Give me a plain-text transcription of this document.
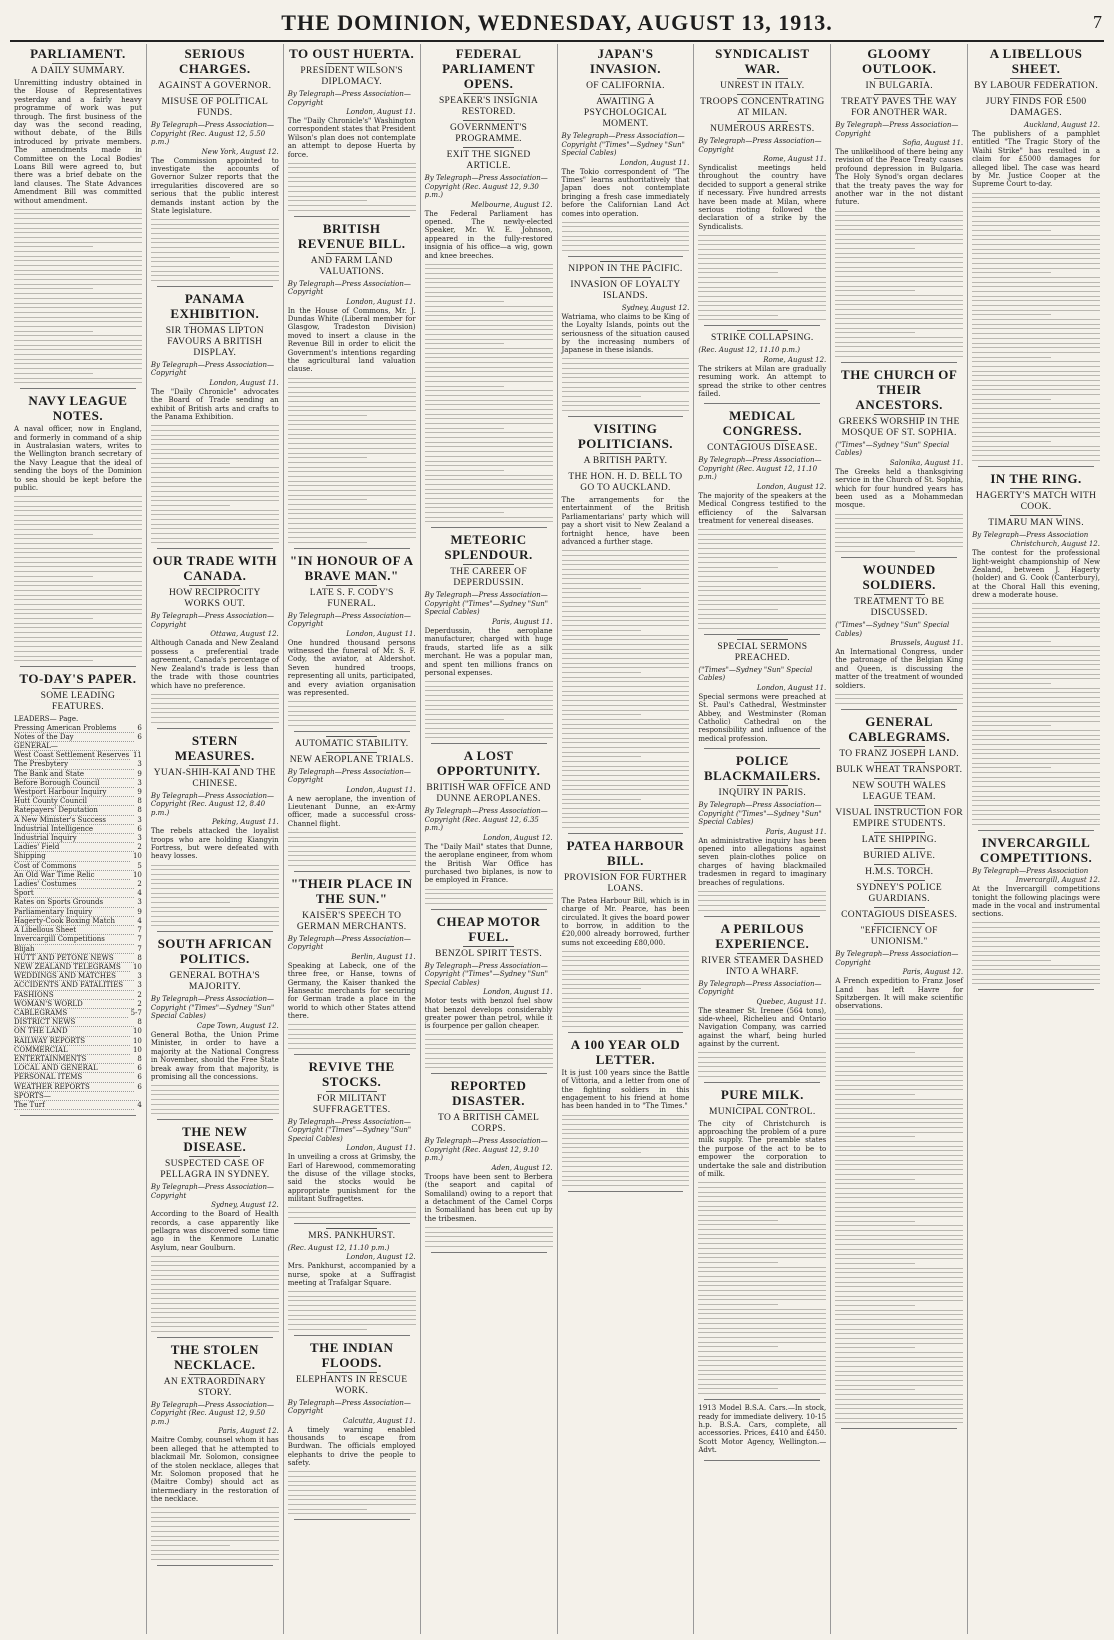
THE DOMINION, WEDNESDAY, AUGUST 13, 1913.	7
PARLIAMENT.
A DAILY SUMMARY.
Unremitting industry obtained in the House of Representatives yesterday and a fairly heavy programme of work was put through. The first business of the day was the second reading, without debate, of the Bills introduced by private members. The amendments made in Committee on the Local Bodies' Loans Bill were agreed to, but there was a brief debate on the land clauses. The State Advances Amendment Bill was committed without amendment.
NAVY LEAGUE NOTES.
A naval officer, now in England, and formerly in command of a ship in Australasian waters, writes to the Wellington branch secretary of the Navy League that the ideal of sending the boys of the Dominion to sea should be kept before the public.
TO-DAY'S PAPER.
SOME LEADING FEATURES.
LEADERS— Page.
Pressing American Problems	6
Notes of the Day	6
GENERAL—
West Coast Settlement Reserves 11
The Presbytery	3
The Bank and State	9
Before Borough Council	3
Westport Harbour Inquiry	9
Hutt County Council	8
Ratepayers' Deputation	8
A New Minister's Success	3
Industrial Intelligence	6
Industrial Inquiry	3
Ladies' Field	2
Shipping	10
Cost of Commons	5
An Old War Time Relic	10
Ladies' Costumes	2
Sport	4
Rates on Sports Grounds	3
Parliamentary Inquiry	9
Hagerty-Cook Boxing Match	4
A Libellous Sheet	7
Invercargill Competitions	7
Blijah	7
HUTT AND PETONE NEWS	8
NEW ZEALAND TELEGRAMS	10
WEDDINGS AND MATCHES	3
ACCIDENTS AND FATALITIES	3
FASHIONS	2
WOMAN'S WORLD	2
CABLEGRAMS	5-7
DISTRICT NEWS	8
ON THE LAND	10
RAILWAY REPORTS	10
COMMERCIAL	10
ENTERTAINMENTS	8
LOCAL AND GENERAL	6
PERSONAL ITEMS	6
WEATHER REPORTS	6
SPORTS—
The Turf	4
SERIOUS CHARGES.
AGAINST A GOVERNOR.
MISUSE OF POLITICAL FUNDS.
By Telegraph—Press Association—Copyright (Rec. August 12, 5.50 p.m.)
New York, August 12.
The Commission appointed to investigate the accounts of Governor Sulzer reports that the irregularities discovered are so serious that the public interest demands instant action by the State legislature.
PANAMA EXHIBITION.
SIR THOMAS LIPTON FAVOURS A BRITISH DISPLAY.
By Telegraph—Press Association—Copyright
London, August 11.
The "Daily Chronicle" advocates the Board of Trade sending an exhibit of British arts and crafts to the Panama Exhibition.
OUR TRADE WITH CANADA.
HOW RECIPROCITY WORKS OUT.
By Telegraph—Press Association—Copyright
Ottawa, August 12.
Although Canada and New Zealand possess a preferential trade agreement, Canada's percentage of New Zealand's trade is less than the trade with those countries which have no preference.
STERN MEASURES.
YUAN-SHIH-KAI AND THE CHINESE.
By Telegraph—Press Association—Copyright (Rec. August 12, 8.40 p.m.)
Peking, August 11.
The rebels attacked the loyalist troops who are holding Kiangyin Fortress, but were defeated with heavy losses.
SOUTH AFRICAN POLITICS.
GENERAL BOTHA'S MAJORITY.
By Telegraph—Press Association—Copyright ("Times"—Sydney "Sun" Special Cables)
Cape Town, August 12.
General Botha, the Union Prime Minister, in order to have a majority at the National Congress in November, should the Free State break away from that majority, is promising all the concessions.
THE NEW DISEASE.
SUSPECTED CASE OF PELLAGRA IN SYDNEY.
By Telegraph—Press Association—Copyright
Sydney, August 12.
According to the Board of Health records, a case apparently like pellagra was discovered some time ago in the Kenmore Lunatic Asylum, near Goulburn.
THE STOLEN NECKLACE.
AN EXTRAORDINARY STORY.
By Telegraph—Press Association—Copyright (Rec. August 12, 9.50 p.m.)
Paris, August 12.
Maitre Comby, counsel whom it has been alleged that he attempted to blackmail Mr. Solomon, consignee of the stolen necklace, alleges that Mr. Solomon proposed that he (Maitre Comby) should act as intermediary in the restoration of the necklace.
TO OUST HUERTA.
PRESIDENT WILSON'S DIPLOMACY.
By Telegraph—Press Association—Copyright
London, August 11.
The "Daily Chronicle's" Washington correspondent states that President Wilson's plan does not contemplate an attempt to depose Huerta by force.
BRITISH REVENUE BILL.
AND FARM LAND VALUATIONS.
By Telegraph—Press Association—Copyright
London, August 11.
In the House of Commons, Mr. J. Dundas White (Liberal member for Glasgow, Tradeston Division) moved to insert a clause in the Revenue Bill in order to elicit the Government's intentions regarding the agricultural land valuation clause.
"IN HONOUR OF A BRAVE MAN."
LATE S. F. CODY'S FUNERAL.
By Telegraph—Press Association—Copyright
London, August 11.
One hundred thousand persons witnessed the funeral of Mr. S. F. Cody, the aviator, at Aldershot. Seven hundred troops, representing all units, participated, and every aviation organisation was represented.
AUTOMATIC STABILITY.
NEW AEROPLANE TRIALS.
By Telegraph—Press Association—Copyright
London, August 11.
A new aeroplane, the invention of Lieutenant Dunne, an ex-Army officer, made a successful cross-Channel flight.
"THEIR PLACE IN THE SUN."
KAISER'S SPEECH TO GERMAN MERCHANTS.
By Telegraph—Press Association—Copyright
Berlin, August 11.
Speaking at Labeck, one of the three free, or Hanse, towns of Germany, the Kaiser thanked the Hanseatic merchants for securing for German trade a place in the world to which other States attend there.
REVIVE THE STOCKS.
FOR MILITANT SUFFRAGETTES.
By Telegraph—Press Association—Copyright ("Times"—Sydney "Sun" Special Cables)
London, August 11.
In unveiling a cross at Grimsby, the Earl of Harewood, commemorating the disuse of the village stocks, said the stocks would be appropriate punishment for the militant Suffragettes.
MRS. PANKHURST.
(Rec. August 12, 11.10 p.m.)
London, August 12.
Mrs. Pankhurst, accompanied by a nurse, spoke at a Suffragist meeting at Trafalgar Square.
THE INDIAN FLOODS.
ELEPHANTS IN RESCUE WORK.
By Telegraph—Press Association—Copyright
Calcutta, August 11.
A timely warning enabled thousands to escape from Burdwan. The officials employed elephants to drive the people to safety.
FEDERAL PARLIAMENT OPENS.
SPEAKER'S INSIGNIA RESTORED.
GOVERNMENT'S PROGRAMME.
EXIT THE SIGNED ARTICLE.
By Telegraph—Press Association—Copyright (Rec. August 12, 9.30 p.m.)
Melbourne, August 12.
The Federal Parliament has opened. The newly-elected Speaker, Mr. W. E. Johnson, appeared in the fully-restored insignia of his office—a wig, gown and knee breeches.
METEORIC SPLENDOUR.
THE CAREER OF DEPERDUSSIN.
By Telegraph—Press Association—Copyright ("Times"—Sydney "Sun" Special Cables)
Paris, August 11.
Deperdussin, the aeroplane manufacturer, charged with huge frauds, started life as a silk merchant. He was a popular man, and spent ten millions francs on personal expenses.
A LOST OPPORTUNITY.
BRITISH WAR OFFICE AND DUNNE AEROPLANES.
By Telegraph—Press Association—Copyright (Rec. August 12, 6.35 p.m.)
London, August 12.
The "Daily Mail" states that Dunne, the aeroplane engineer, from whom the British War Office has purchased two biplanes, is now to be employed in France.
CHEAP MOTOR FUEL.
BENZOL SPIRIT TESTS.
By Telegraph—Press Association—Copyright ("Times"—Sydney "Sun" Special Cables)
London, August 11.
Motor tests with benzol fuel show that benzol develops considerably greater power than petrol, while it is fourpence per gallon cheaper.
REPORTED DISASTER.
TO A BRITISH CAMEL CORPS.
By Telegraph—Press Association—Copyright (Rec. August 12, 9.10 p.m.)
Aden, August 12.
Troops have been sent to Berbera (the seaport and capital of Somaliland) owing to a report that a detachment of the Camel Corps in Somaliland has been cut up by the tribesmen.
JAPAN'S INVASION.
OF CALIFORNIA.
AWAITING A PSYCHOLOGICAL MOMENT.
By Telegraph—Press Association—Copyright ("Times"—Sydney "Sun" Special Cables)
London, August 11.
The Tokio correspondent of "The Times" learns authoritatively that Japan does not contemplate bringing a fresh case immediately before the Californian Land Act comes into operation.
NIPPON IN THE PACIFIC.
INVASION OF LOYALTY ISLANDS.
Sydney, August 12.
Watriama, who claims to be King of the Loyalty Islands, points out the seriousness of the situation caused by the increasing numbers of Japanese in these islands.
VISITING POLITICIANS.
A BRITISH PARTY.
THE HON. H. D. BELL TO GO TO AUCKLAND.
The arrangements for the entertainment of the British Parliamentarians' party which will pay a short visit to New Zealand a fortnight hence, have been advanced a further stage.
PATEA HARBOUR BILL.
PROVISION FOR FURTHER LOANS.
The Patea Harbour Bill, which is in charge of Mr. Pearce, has been circulated. It gives the board power to borrow, in addition to the £20,000 already borrowed, further sums not exceeding £80,000.
A 100 YEAR OLD LETTER.
It is just 100 years since the Battle of Vittoria, and a letter from one of the fighting soldiers in this engagement to his friend at home has been handed in to "The Times."
SYNDICALIST WAR.
UNREST IN ITALY.
TROOPS CONCENTRATING AT MILAN.
NUMEROUS ARRESTS.
By Telegraph—Press Association—Copyright
Rome, August 11.
Syndicalist meetings held throughout the country have decided to support a general strike if necessary. Five hundred arrests have been made at Milan, where serious rioting followed the declaration of a strike by the Syndicalists.
STRIKE COLLAPSING.
(Rec. August 12, 11.10 p.m.)
Rome, August 12.
The strikers at Milan are gradually resuming work. An attempt to spread the strike to other centres failed.
MEDICAL CONGRESS.
CONTAGIOUS DISEASE.
By Telegraph—Press Association—Copyright (Rec. August 12, 11.10 p.m.)
London, August 12.
The majority of the speakers at the Medical Congress testified to the efficiency of the Salvarsan treatment for venereal diseases.
SPECIAL SERMONS PREACHED.
("Times"—Sydney "Sun" Special Cables)
London, August 11.
Special sermons were preached at St. Paul's Cathedral, Westminster Abbey, and Westminster (Roman Catholic) Cathedral on the responsibility and influence of the medical profession.
POLICE BLACKMAILERS.
INQUIRY IN PARIS.
By Telegraph—Press Association—Copyright ("Times"—Sydney "Sun" Special Cables)
Paris, August 11.
An administrative inquiry has been opened into allegations against seven plain-clothes police on charges of having blackmailed tradesmen in regard to imaginary breaches of regulations.
A PERILOUS EXPERIENCE.
RIVER STEAMER DASHED INTO A WHARF.
By Telegraph—Press Association—Copyright
Quebec, August 11.
The steamer St. Irenee (564 tons), side-wheel, Richelieu and Ontario Navigation Company, was carried against the wharf, being hurled against by the current.
PURE MILK.
MUNICIPAL CONTROL.
The city of Christchurch is approaching the problem of a pure milk supply. The preamble states the purpose of the act to be to empower the corporation to undertake the sale and distribution of milk.
1913 Model B.S.A. Cars.—In stock, ready for immediate delivery. 10-15 h.p. B.S.A. Cars, complete, all accessories. Prices, £410 and £450. Scott Motor Agency, Wellington.—Advt.
GLOOMY OUTLOOK.
IN BULGARIA.
TREATY PAVES THE WAY FOR ANOTHER WAR.
By Telegraph—Press Association—Copyright
Sofia, August 11.
The unlikelihood of there being any revision of the Peace Treaty causes profound depression in Bulgaria. The Holy Synod's organ declares that the treaty paves the way for another war in the not distant future.
THE CHURCH OF THEIR ANCESTORS.
GREEKS WORSHIP IN THE MOSQUE OF ST. SOPHIA.
("Times"—Sydney "Sun" Special Cables)
Salonika, August 11.
The Greeks held a thanksgiving service in the Church of St. Sophia, which for four hundred years has been used as a Mohammedan mosque.
WOUNDED SOLDIERS.
TREATMENT TO BE DISCUSSED.
("Times"—Sydney "Sun" Special Cables)
Brussels, August 11.
An International Congress, under the patronage of the Belgian King and Queen, is discussing the matter of the treatment of wounded soldiers.
GENERAL CABLEGRAMS.
TO FRANZ JOSEPH LAND.
BULK WHEAT TRANSPORT.
NEW SOUTH WALES LEAGUE TEAM.
VISUAL INSTRUCTION FOR EMPIRE STUDENTS.
LATE SHIPPING.
BURIED ALIVE.
H.M.S. TORCH.
SYDNEY'S POLICE GUARDIANS.
CONTAGIOUS DISEASES.
"EFFICIENCY OF UNIONISM."
By Telegraph—Press Association—Copyright
Paris, August 12.
A French expedition to Franz Josef Land has left Havre for Spitzbergen. It will make scientific observations.
A LIBELLOUS SHEET.
BY LABOUR FEDERATION.
JURY FINDS FOR £500 DAMAGES.
Auckland, August 12.
The publishers of a pamphlet entitled "The Tragic Story of the Waihi Strike" has resulted in a claim for £5000 damages for alleged libel. The case was heard by Mr. Justice Cooper at the Supreme Court to-day.
IN THE RING.
HAGERTY'S MATCH WITH COOK.
TIMARU MAN WINS.
By Telegraph—Press Association
Christchurch, August 12.
The contest for the professional light-weight championship of New Zealand, between J. Hagerty (holder) and G. Cook (Canterbury), at the Choral Hall this evening, drew a moderate house.
INVERCARGILL COMPETITIONS.
By Telegraph—Press Association
Invercargill, August 12.
At the Invercargill competitions tonight the following placings were made in the vocal and instrumental sections.
